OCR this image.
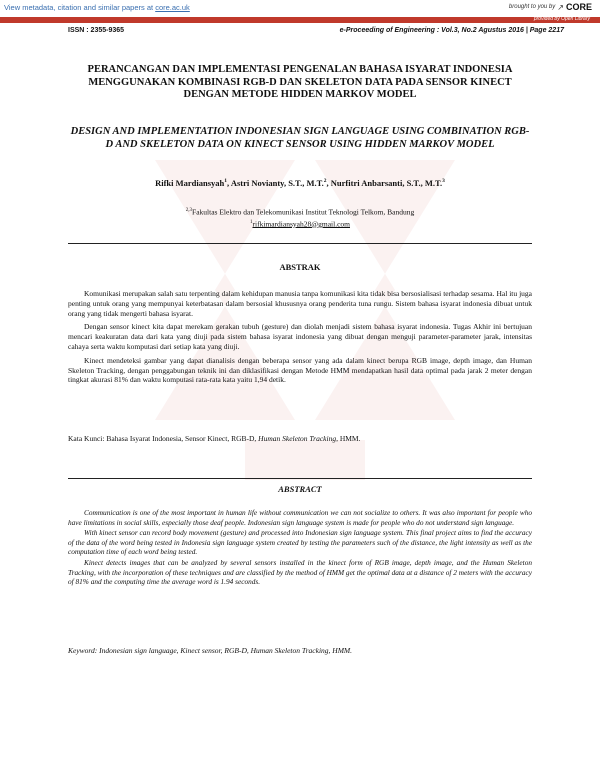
View metadata, citation and similar papers at core.ac.uk	brought to you by ↗ CORE
provided by Open Library
ISSN : 2355-9365	e-Proceeding of Engineering : Vol.3, No.2 Agustus 2016 | Page 2217
PERANCANGAN DAN IMPLEMENTASI PENGENALAN BAHASA ISYARAT INDONESIA MENGGUNAKAN KOMBINASI RGB-D DAN SKELETON DATA PADA SENSOR KINECT DENGAN METODE HIDDEN MARKOV MODEL
DESIGN AND IMPLEMENTATION INDONESIAN SIGN LANGUAGE USING COMBINATION RGB-D AND SKELETON DATA ON KINECT SENSOR USING HIDDEN MARKOV MODEL
Rifki Mardiansyah$^1$, Astri Novianty, S.T., M.T.$^2$, Nurfitri Anbarsanti, S.T., M.T.$^3$
$^{2,3}$Fakultas Elektro dan Telekomunikasi Institut Teknologi Telkom, Bandung
$^1$rifkimardiansyah28@gmail.com
ABSTRAK

Komunikasi merupakan salah satu terpenting dalam kehidupan manusia tanpa komunikasi kita tidak bisa bersosialisasi terhadap sesama. Hal itu juga penting untuk orang yang mempunyai keterbatasan dalam bersosial khususnya orang penderita tuna rungu. Sistem bahasa isyarat indonesia dibuat untuk orang yang tidak mengerti bahasa isyarat.

Dengan sensor kinect kita dapat merekam gerakan tubuh (gesture) dan diolah menjadi sistem bahasa isyarat indonesia. Tugas Akhir ini bertujuan mencari keakuratan data dari kata yang diuji pada sistem bahasa isyarat indonesia yang dibuat dengan menguji parameter-parameter jarak, intensitas cahaya serta waktu komputasi dari setiap kata yang diuji.

Kinect mendeteksi gambar yang dapat dianalisis dengan beberapa sensor yang ada dalam kinect berupa RGB image, depth image, dan Human Skeleton Tracking, dengan penggabungan teknik ini dan diklasifikasi dengan Metode HMM mendapatkan hasil data optimal pada jarak 2 meter dengan tingkat akurasi 81% dan waktu komputasi rata-rata kata yaitu 1,94 detik.

Kata Kunci: Bahasa Isyarat Indonesia, Sensor Kinect, RGB-D, Human Skeleton Tracking, HMM.
ABSTRACT

Communication is one of the most important in human life without communication we can not socialize to others. It was also important for people who have limitations in social skills, especially those deaf people. Indonesian sign language system is made for people who do not understand sign language.

With kinect sensor can record body movement (gesture) and processed into Indonesian sign language system. This final project aims to find the accuracy of the data of the word being tested in Indonesia sign language system created by testing the parameters such of the distance, the light intensity as well as the computation time of each word being tested.

Kinect detects images that can be analyzed by several sensors installed in the kinect form of RGB image, depth image, and the Human Skeleton Tracking, with the incorporation of these techniques and are classified by the method of HMM get the optimal data at a distance of 2 meters with the accuracy of 81% and the computing time the average word is 1.94 seconds.

Keyword: Indonesian sign language, Kinect sensor, RGB-D, Human Skeleton Tracking, HMM.
